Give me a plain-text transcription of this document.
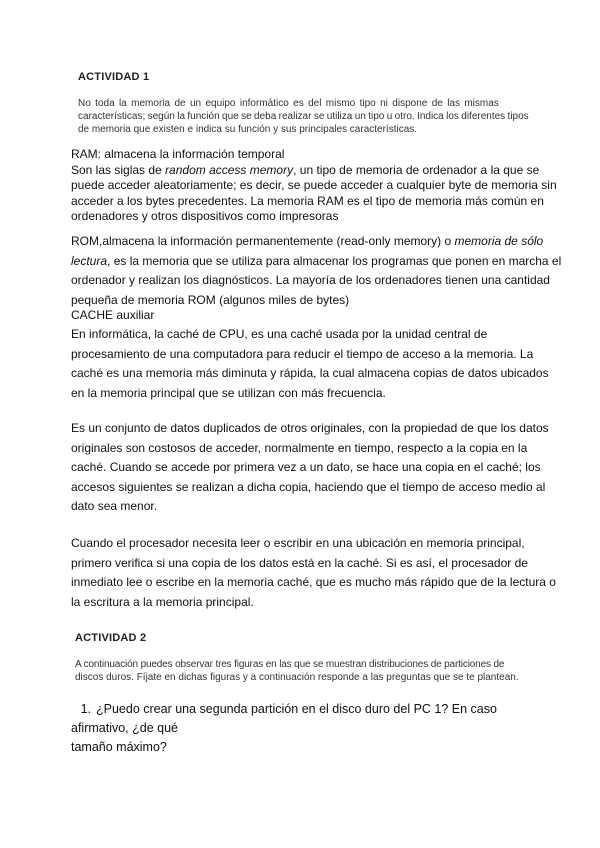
ACTIVIDAD 1
No toda la memoria de un equipo informático es del mismo tipo ni dispone de las mismas
características; según la función que se deba realizar se utiliza un tipo u otro. Indica los diferentes tipos
de memoria que existen e indica su función y sus principales características.
RAM: almacena la información temporal
Son las siglas de random access memory, un tipo de memoria de ordenador a la que se
puede acceder aleatoriamente; es decir, se puede acceder a cualquier byte de memoria sin
acceder a los bytes precedentes. La memoria RAM es el tipo de memoria más común en
ordenadores y otros dispositivos como impresoras
ROM,almacena la información permanentemente (read-only memory) o memoria de sólo
lectura, es la memoria que se utiliza para almacenar los programas que ponen en marcha el
ordenador y realizan los diagnósticos. La mayoría de los ordenadores tienen una cantidad
pequeña de memoria ROM (algunos miles de bytes)
CACHE auxiliar
En informática, la caché de CPU, es una caché usada por la unidad central de
procesamiento de una computadora para reducir el tiempo de acceso a la memoria. La
caché es una memoria más diminuta y rápida, la cual almacena copias de datos ubicados
en la memoria principal que se utilizan con más frecuencia.
Es un conjunto de datos duplicados de otros originales, con la propiedad de que los datos
originales son costosos de acceder, normalmente en tiempo, respecto a la copia en la
caché. Cuando se accede por primera vez a un dato, se hace una copia en el caché; los
accesos siguientes se realizan a dicha copia, haciendo que el tiempo de acceso medio al
dato sea menor.
Cuando el procesador necesita leer o escribir en una ubicación en memoria principal,
primero verifica si una copia de los datos está en la caché. Si es así, el procesador de
inmediato lee o escribe en la memoria caché, que es mucho más rápido que de la lectura o
la escritura a la memoria principal.
ACTIVIDAD 2
A continuación puedes observar tres figuras en las que se muestran distribuciones de particiones de
discos duros. Fíjate en dichas figuras y a continuación responde a las preguntas que se te plantean.
1. ¿Puedo crear una segunda partición en el disco duro del PC 1? En caso
afirmativo, ¿de qué
tamaño máximo?
